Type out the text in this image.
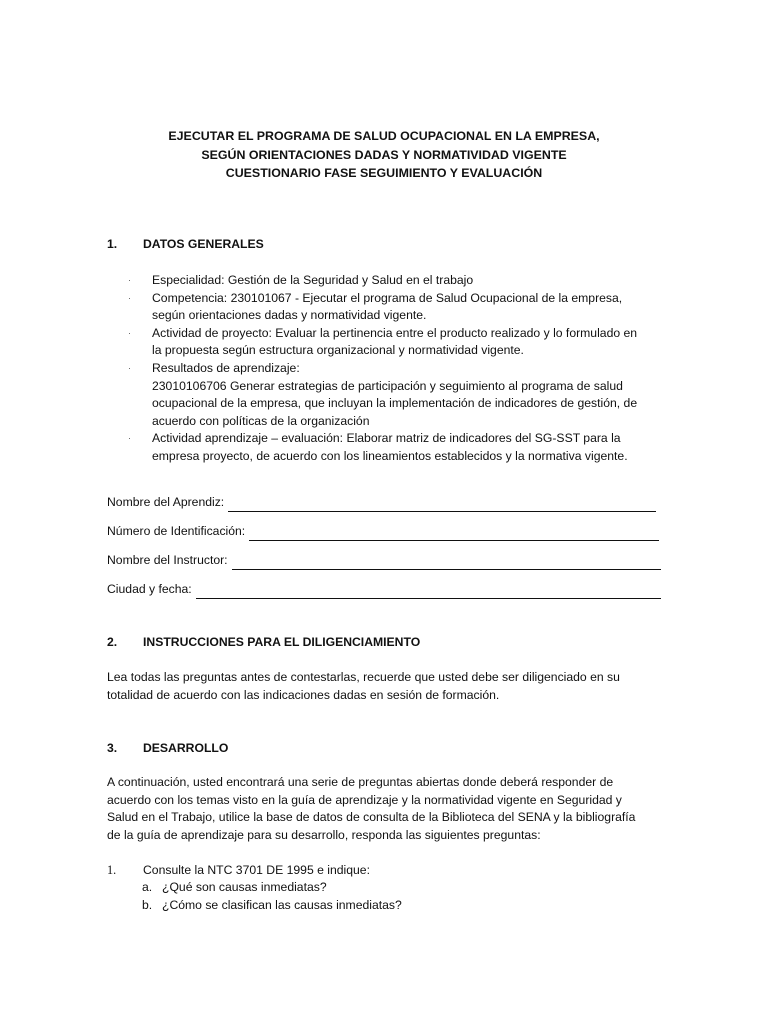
EJECUTAR EL PROGRAMA DE SALUD OCUPACIONAL EN LA EMPRESA,
SEGÚN ORIENTACIONES DADAS Y NORMATIVIDAD VIGENTE
CUESTIONARIO FASE SEGUIMIENTO Y EVALUACIÓN
1. DATOS GENERALES
· Especialidad: Gestión de la Seguridad y Salud en el trabajo
· Competencia: 230101067 - Ejecutar el programa de Salud Ocupacional de la empresa,
según orientaciones dadas y normatividad vigente.
· Actividad de proyecto: Evaluar la pertinencia entre el producto realizado y lo formulado en
la propuesta según estructura organizacional y normatividad vigente.
· Resultados de aprendizaje:
23010106706 Generar estrategias de participación y seguimiento al programa de salud
ocupacional de la empresa, que incluyan la implementación de indicadores de gestión, de
acuerdo con políticas de la organización
· Actividad aprendizaje – evaluación: Elaborar matriz de indicadores del SG-SST para la
empresa proyecto, de acuerdo con los lineamientos establecidos y la normativa vigente.
Nombre del Aprendiz:
Número de Identificación:
Nombre del Instructor:
Ciudad y fecha:
2. INSTRUCCIONES PARA EL DILIGENCIAMIENTO
Lea todas las preguntas antes de contestarlas, recuerde que usted debe ser diligenciado en su
totalidad de acuerdo con las indicaciones dadas en sesión de formación.
3. DESARROLLO
A continuación, usted encontrará una serie de preguntas abiertas donde deberá responder de
acuerdo con los temas visto en la guía de aprendizaje y la normatividad vigente en Seguridad y
Salud en el Trabajo, utilice la base de datos de consulta de la Biblioteca del SENA y la bibliografía
de la guía de aprendizaje para su desarrollo, responda las siguientes preguntas:
1. Consulte la NTC 3701 DE 1995 e indique:
a. ¿Qué son causas inmediatas?
b. ¿Cómo se clasifican las causas inmediatas?
